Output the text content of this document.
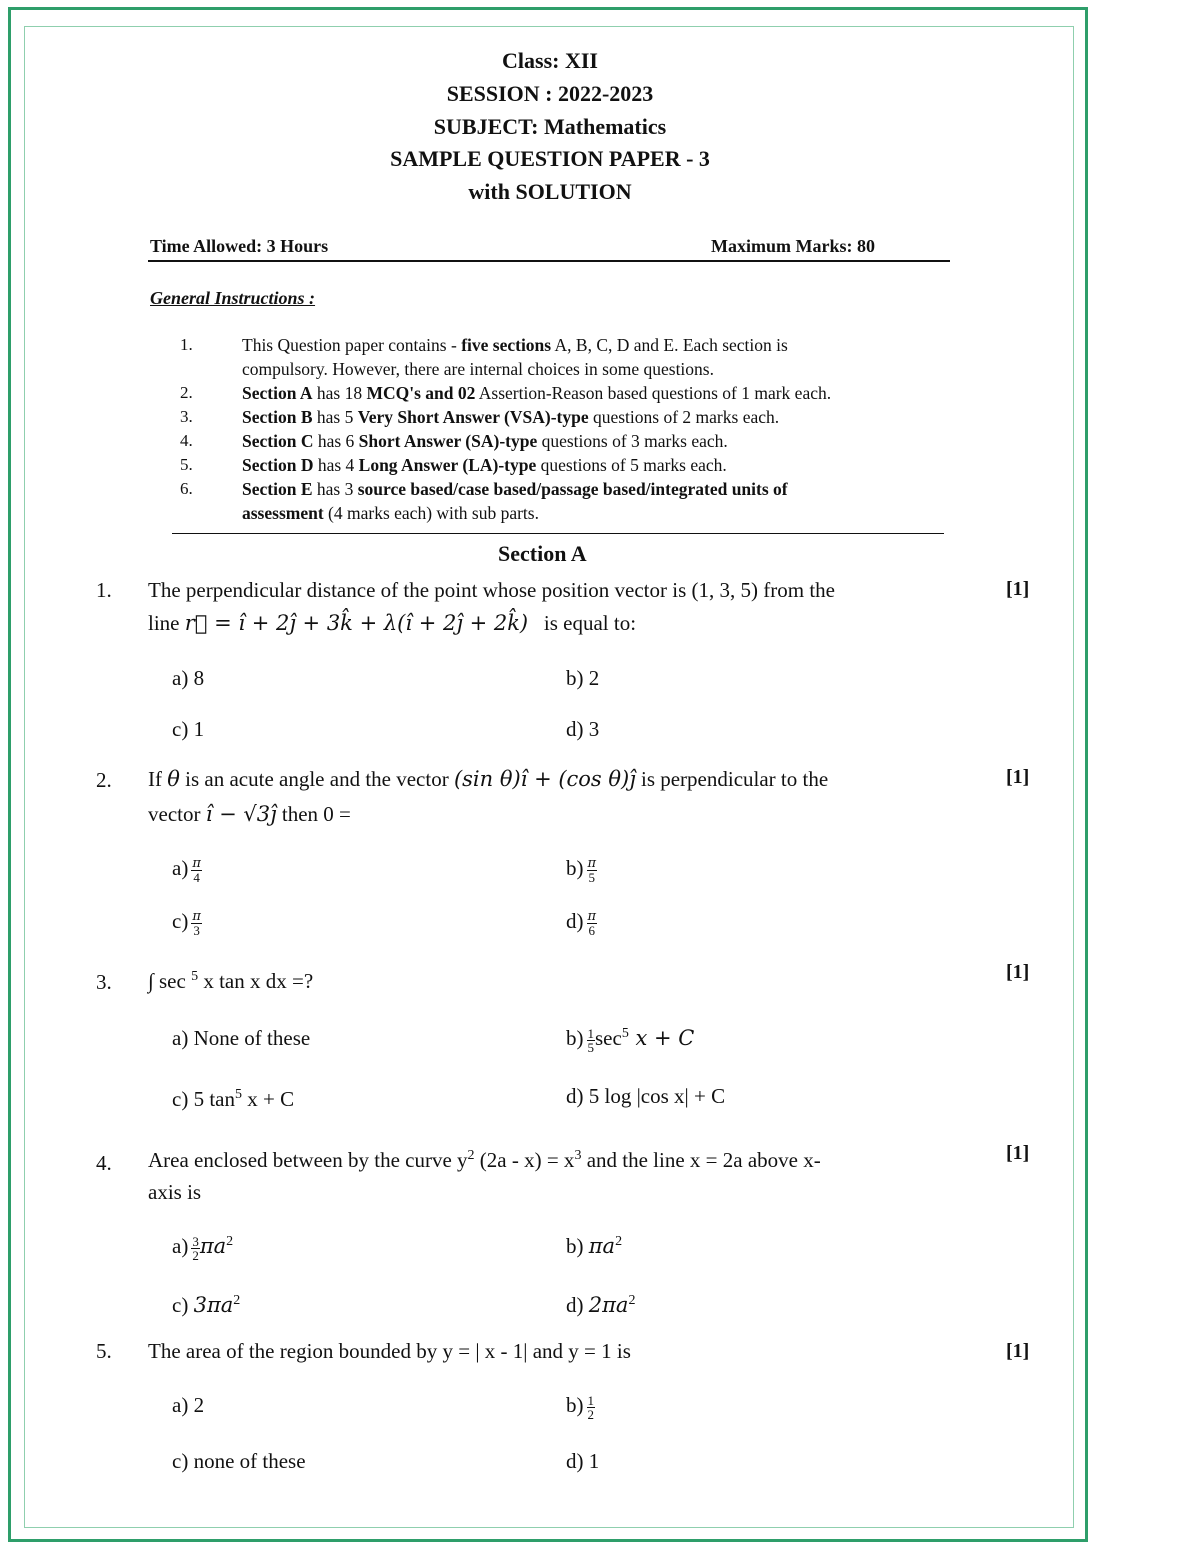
Class: XII
SESSION : 2022-2023
SUBJECT: Mathematics
SAMPLE QUESTION PAPER - 3
with SOLUTION
Time Allowed: 3 Hours	Maximum Marks: 80
General Instructions :
1.	This Question paper contains - five sections A, B, C, D and E. Each section is
compulsory. However, there are internal choices in some questions.
2.	Section A has 18 MCQ's and 02 Assertion-Reason based questions of 1 mark each.
3.	Section B has 5 Very Short Answer (VSA)-type questions of 2 marks each.
4.	Section C has 6 Short Answer (SA)-type questions of 3 marks each.
5.	Section D has 4 Long Answer (LA)-type questions of 5 marks each.
6.	Section E has 3 source based/case based/passage based/integrated units of
assessment (4 marks each) with sub parts.
Section A
1.	[1]
The perpendicular distance of the point whose position vector is (1, 3, 5) from the
line r⃗ = î + 2ĵ + 3k̂ + λ(î + 2ĵ + 2k̂) is equal to:
a) 8	b) 2
c) 1	d) 3
2.	[1]
If θ is an acute angle and the vector (sin θ)î + (cos θ)ĵ is perpendicular to the
vector î − √3ĵ then 0 =
$a) \frac{\pi}{4}$	$b) \frac{\pi}{5}$
$c) \frac{\pi}{3}$	$d) \frac{\pi}{6}$
3.	[1]
∫ sec $^5$ x tan x dx =?
a) None of these	$b) \frac{1}{5} \sec^5 x + C$
c) 5 $\tan^5 x + C$	d) 5 log |cos x| + C
4.	[1]
Area enclosed between by the curve $y^2$ $(2a - x) = x^3$ and the line x = 2a above x-
axis is
$a) \frac{3}{2} \pi a^2$	b) $\pi a^2$
c) $3\pi a^2$	d) $2\pi a^2$
5.	[1]
The area of the region bounded by y = | x - 1| and y = 1 is
a) 2	$b) \frac{1}{2}$
c) none of these	d) 1
